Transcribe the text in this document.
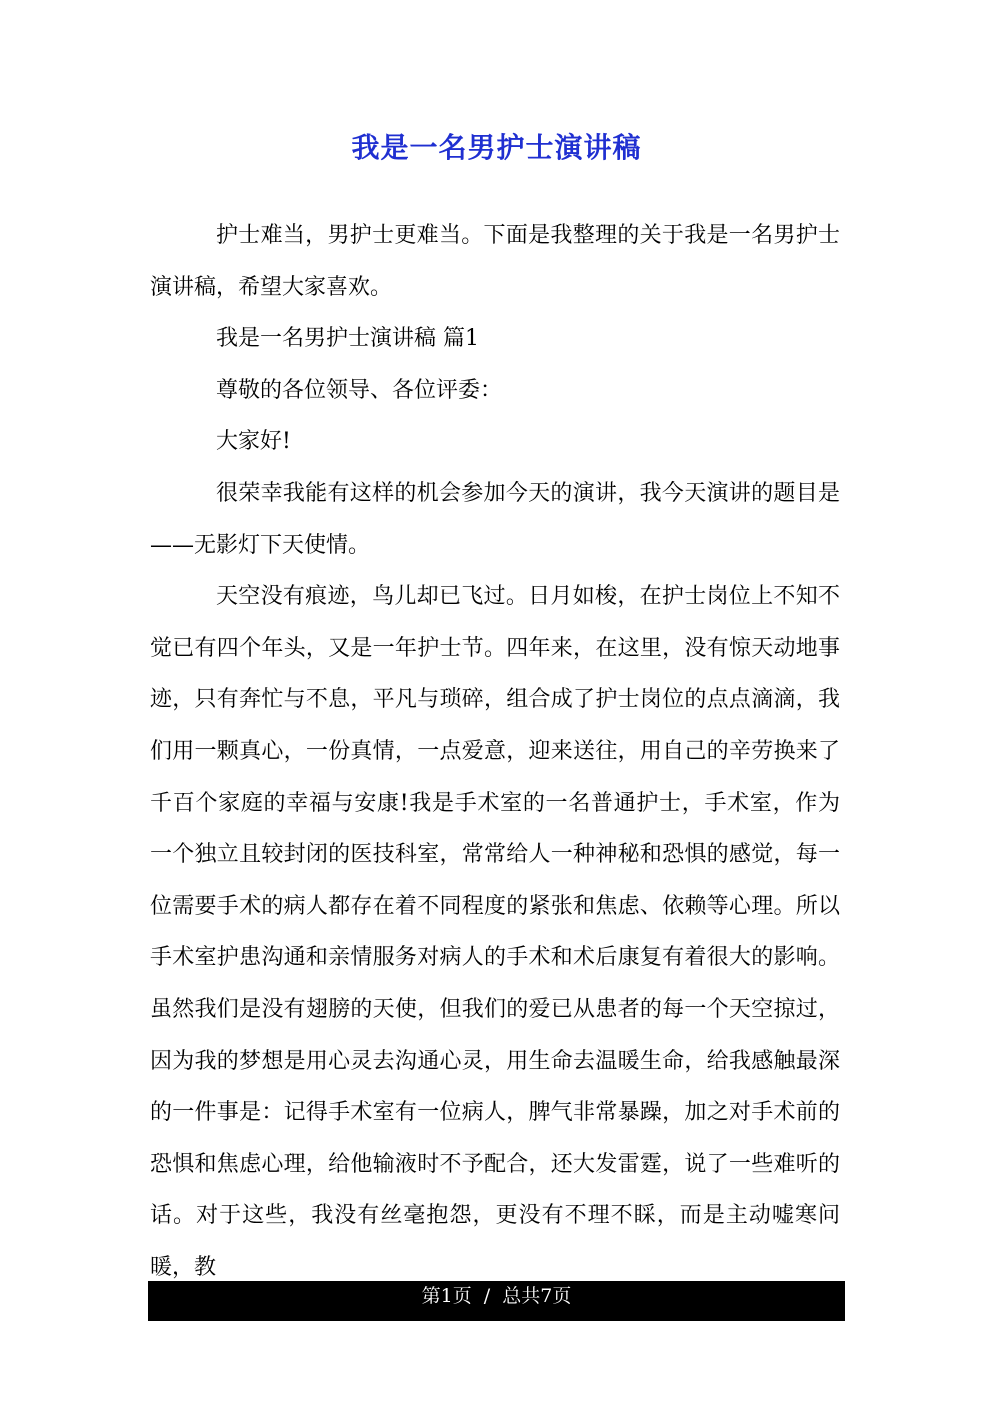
我是一名男护士演讲稿

护士难当，男护士更难当。下面是我整理的关于我是一名男护士演讲稿，希望大家喜欢。

我是一名男护士演讲稿 篇1

尊敬的各位领导、各位评委：

大家好!

很荣幸我能有这样的机会参加今天的演讲，我今天演讲的题目是——无影灯下天使情。

天空没有痕迹，鸟儿却已飞过。日月如梭，在护士岗位上不知不觉已有四个年头，又是一年护士节。四年来，在这里，没有惊天动地事迹，只有奔忙与不息，平凡与琐碎，组合成了护士岗位的点点滴滴，我们用一颗真心，一份真情，一点爱意，迎来送往，用自己的辛劳换来了千百个家庭的幸福与安康!我是手术室的一名普通护士，手术室，作为一个独立且较封闭的医技科室，常常给人一种神秘和恐惧的感觉，每一位需要手术的病人都存在着不同程度的紧张和焦虑、依赖等心理。所以手术室护患沟通和亲情服务对病人的手术和术后康复有着很大的影响。虽然我们是没有翅膀的天使，但我们的爱已从患者的每一个天空掠过，因为我的梦想是用心灵去沟通心灵，用生命去温暖生命，给我感触最深的一件事是：记得手术室有一位病人，脾气非常暴躁，加之对手术前的恐惧和焦虑心理，给他输液时不予配合，还大发雷霆，说了一些难听的话。对于这些，我没有丝毫抱怨，更没有不理不睬，而是主动嘘寒问暖，教

第1页  /  总共7页
